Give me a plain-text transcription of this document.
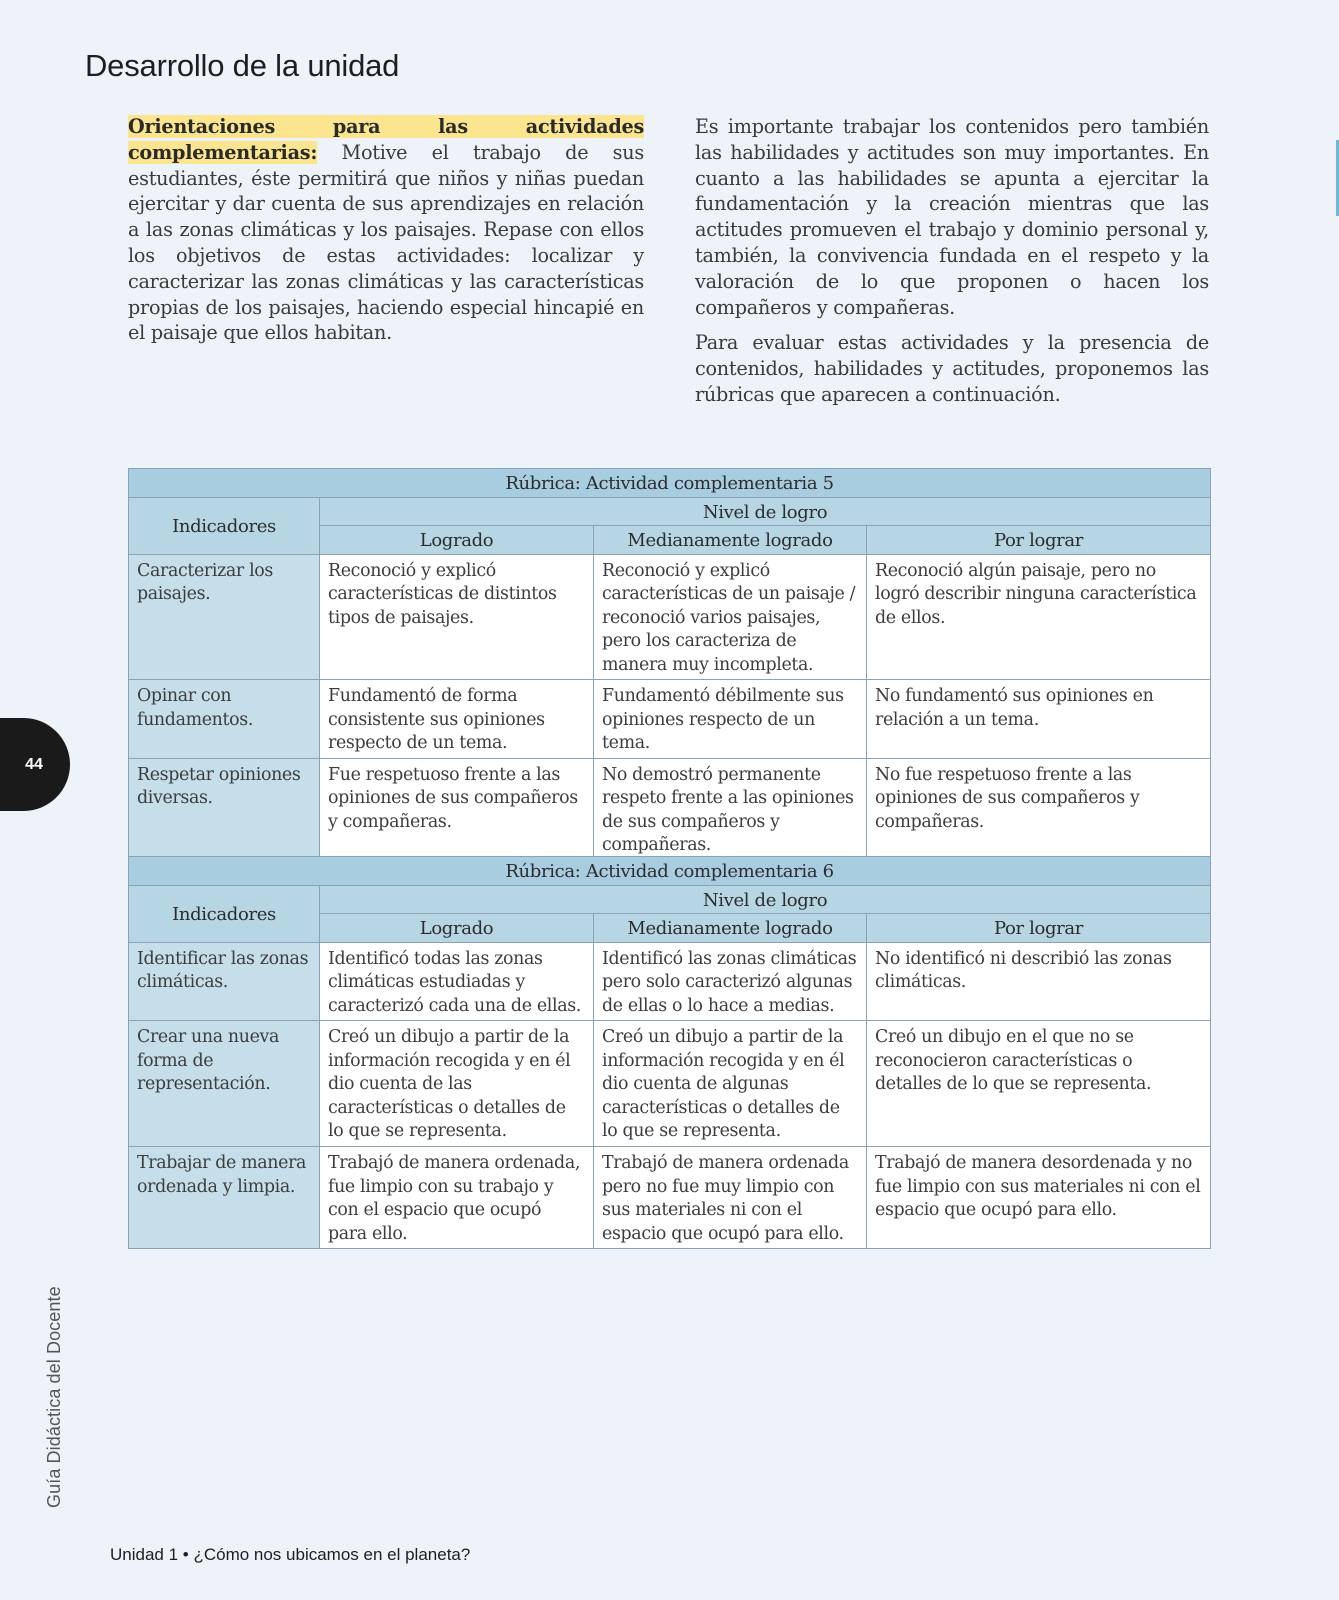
Desarrollo de la unidad

Orientaciones para las actividades complementarias: Motive el trabajo de sus estudiantes, éste permitirá que niños y niñas puedan ejercitar y dar cuenta de sus aprendizajes en relación a las zonas climáticas y los paisajes. Repase con ellos los objetivos de estas actividades: localizar y caracterizar las zonas climáticas y las características propias de los paisajes, haciendo especial hincapié en el paisaje que ellos habitan.

Es importante trabajar los contenidos pero también las habilidades y actitudes son muy importantes. En cuanto a las habilidades se apunta a ejercitar la fundamentación y la creación mientras que las actitudes promueven el trabajo y dominio personal y, también, la convivencia fundada en el respeto y la valoración de lo que proponen o hacen los compañeros y compañeras.

Para evaluar estas actividades y la presencia de contenidos, habilidades y actitudes, proponemos las rúbricas que aparecen a continuación.

Rúbrica: Actividad complementaria 5			
Indicadores	Nivel de logro		
	Logrado	Medianamente logrado	Por lograr
Caracterizar los paisajes.	Reconoció y explicó características de distintos tipos de paisajes.	Reconoció y explicó características de un paisaje / reconoció varios paisajes, pero los caracteriza de manera muy incompleta.	Reconoció algún paisaje, pero no logró describir ninguna característica de ellos.
Opinar con fundamentos.	Fundamentó de forma consistente sus opiniones respecto de un tema.	Fundamentó débilmente sus opiniones respecto de un tema.	No fundamentó sus opiniones en relación a un tema.
Respetar opiniones diversas.	Fue respetuoso frente a las opiniones de sus compañeros y compañeras.	No demostró permanente respeto frente a las opiniones de sus compañeros y compañeras.	No fue respetuoso frente a las opiniones de sus compañeros y compañeras.
Rúbrica: Actividad complementaria 6			
Indicadores	Nivel de logro		
	Logrado	Medianamente logrado	Por lograr
Identificar las zonas climáticas.	Identificó todas las zonas climáticas estudiadas y caracterizó cada una de ellas.	Identificó las zonas climáticas pero solo caracterizó algunas de ellas o lo hace a medias.	No identificó ni describió las zonas climáticas.
Crear una nueva forma de representación.	Creó un dibujo a partir de la información recogida y en él dio cuenta de las características o detalles de lo que se representa.	Creó un dibujo a partir de la información recogida y en él dio cuenta de algunas características o detalles de lo que se representa.	Creó un dibujo en el que no se reconocieron características o detalles de lo que se representa.
Trabajar de manera ordenada y limpia.	Trabajó de manera ordenada, fue limpio con su trabajo y con el espacio que ocupó para ello.	Trabajó de manera ordenada pero no fue muy limpio con sus materiales ni con el espacio que ocupó para ello.	Trabajó de manera desordenada y no fue limpio con sus materiales ni con el espacio que ocupó para ello.
44
Guía Didáctica del Docente
Unidad 1 • ¿Cómo nos ubicamos en el planeta?
